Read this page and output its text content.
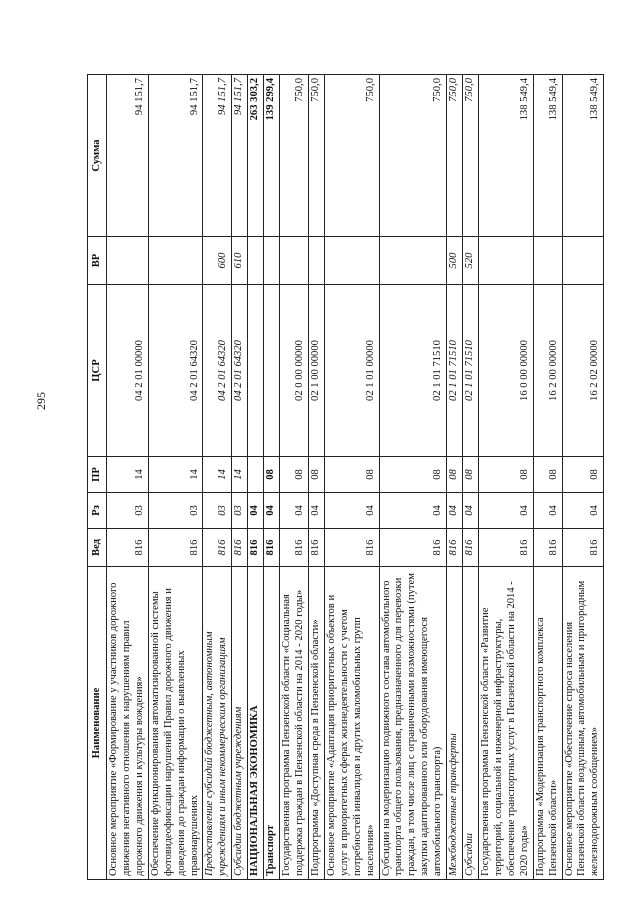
295
Наименование	Вед	Рз	ПР	ЦСР	ВР	Сумма
Основное мероприятие «Формирование у участников дорожного движения негативного отношения к нарушениям правил дорожного движения и культуры вождения»	816	03	14	04 2 01 00000		94 151,7
Обеспечение функционирования автоматизированной системы фотовидеофиксации нарушений Правил дорожного движения и доведения до граждан информации о выявленных правонарушениях	816	03	14	04 2 01 64320		94 151,7
Предоставление субсидий бюджетным, автономным учреждениям и иным некоммерческим организациям	816	03	14	04 2 01 64320	600	94 151,7
Субсидии бюджетным учреждениям	816	03	14	04 2 01 64320	610	94 151,7
НАЦИОНАЛЬНАЯ ЭКОНОМИКА	816	04				263 303,2
Транспорт	816	04	08			139 299,4
Государственная программа Пензенской области «Социальная поддержка граждан в Пензенской области на 2014 - 2020 годы»	816	04	08	02 0 00 00000		750,0
Подпрограмма «Доступная среда в Пензенской области»	816	04	08	02 1 00 00000		750,0
Основное мероприятие «Адаптация приоритетных объектов и услуг в приоритетных сферах жизнедеятельности с учетом потребностей инвалидов и других маломобильных групп населения»	816	04	08	02 1 01 00000		750,0
Субсидии на модернизацию подвижного состава автомобильного транспорта общего пользования, предназначенного для перевозки граждан, в том числе лиц с ограниченными возможностями (путем закупки адаптированного или оборудования имеющегося автомобильного транспорта)	816	04	08	02 1 01 71510		750,0
Межбюджетные трансферты	816	04	08	02 1 01 71510	500	750,0
Субсидии	816	04	08	02 1 01 71510	520	750,0
Государственная программа Пензенской области «Развитие территорий, социальной и инженерной инфраструктуры, обеспечение транспортных услуг в Пензенской области на 2014 - 2020 годы»	816	04	08	16 0 00 00000		138 549,4
Подпрограмма «Модернизация транспортного комплекса Пензенской области»	816	04	08	16 2 00 00000		138 549,4
Основное мероприятие «Обеспечение спроса населения Пензенской области воздушным, автомобильным и пригородным железнодорожным сообщением»	816	04	08	16 2 02 00000		138 549,4
